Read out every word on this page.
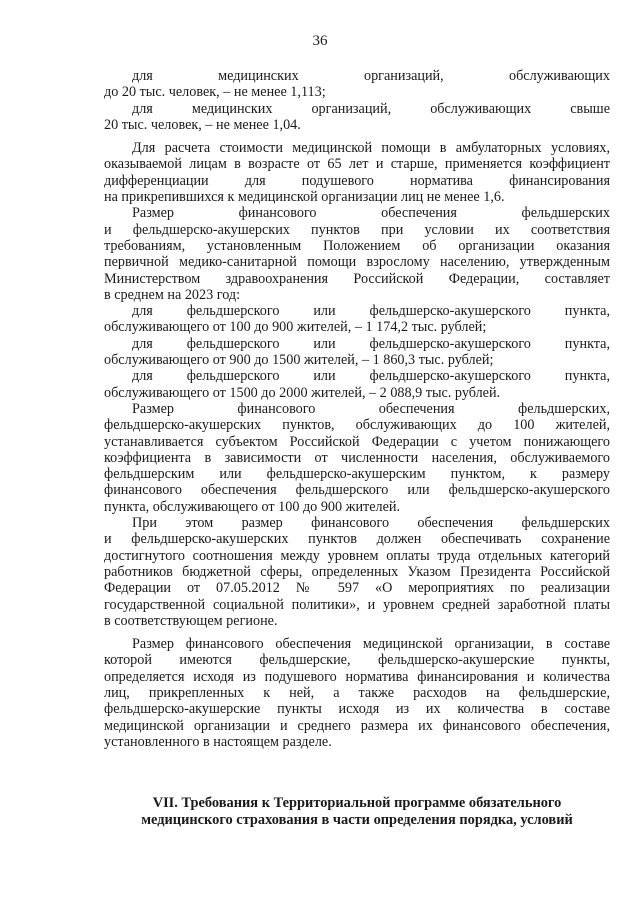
36
для медицинских организаций, обслуживающих
до 20 тыс. человек, – не менее 1,113;
для медицинских организаций, обслуживающих свыше
20 тыс. человек, – не менее 1,04.
Для расчета стоимости медицинской помощи в амбулаторных условиях,
оказываемой лицам в возрасте от 65 лет и старше, применяется коэффициент
дифференциации для подушевого норматива финансирования
на прикрепившихся к медицинской организации лиц не менее 1,6.
Размер финансового обеспечения фельдшерских
и фельдшерско-акушерских пунктов при условии их соответствия
требованиям, установленным Положением об организации оказания
первичной медико-санитарной помощи взрослому населению, утвержденным
Министерством здравоохранения Российской Федерации, составляет
в среднем на 2023 год:
для фельдшерского или фельдшерско-акушерского пункта,
обслуживающего от 100 до 900 жителей, – 1 174,2 тыс. рублей;
для фельдшерского или фельдшерско-акушерского пункта,
обслуживающего от 900 до 1500 жителей, – 1 860,3 тыс. рублей;
для фельдшерского или фельдшерско-акушерского пункта,
обслуживающего от 1500 до 2000 жителей, – 2 088,9 тыс. рублей.
Размер финансового обеспечения фельдшерских,
фельдшерско-акушерских пунктов, обслуживающих до 100 жителей,
устанавливается субъектом Российской Федерации с учетом понижающего
коэффициента в зависимости от численности населения, обслуживаемого
фельдшерским или фельдшерско-акушерским пунктом, к размеру
финансового обеспечения фельдшерского или фельдшерско-акушерского
пункта, обслуживающего от 100 до 900 жителей.
При этом размер финансового обеспечения фельдшерских
и фельдшерско-акушерских пунктов должен обеспечивать сохранение
достигнутого соотношения между уровнем оплаты труда отдельных категорий
работников бюджетной сферы, определенных Указом Президента Российской
Федерации от 07.05.2012 № 597 «О мероприятиях по реализации
государственной социальной политики», и уровнем средней заработной платы
в соответствующем регионе.
Размер финансового обеспечения медицинской организации, в составе
которой имеются фельдшерские, фельдшерско-акушерские пункты,
определяется исходя из подушевого норматива финансирования и количества
лиц, прикрепленных к ней, а также расходов на фельдшерские,
фельдшерско-акушерские пункты исходя из их количества в составе
медицинской организации и среднего размера их финансового обеспечения,
установленного в настоящем разделе.
VII. Требования к Территориальной программе обязательного
медицинского страхования в части определения порядка, условий
